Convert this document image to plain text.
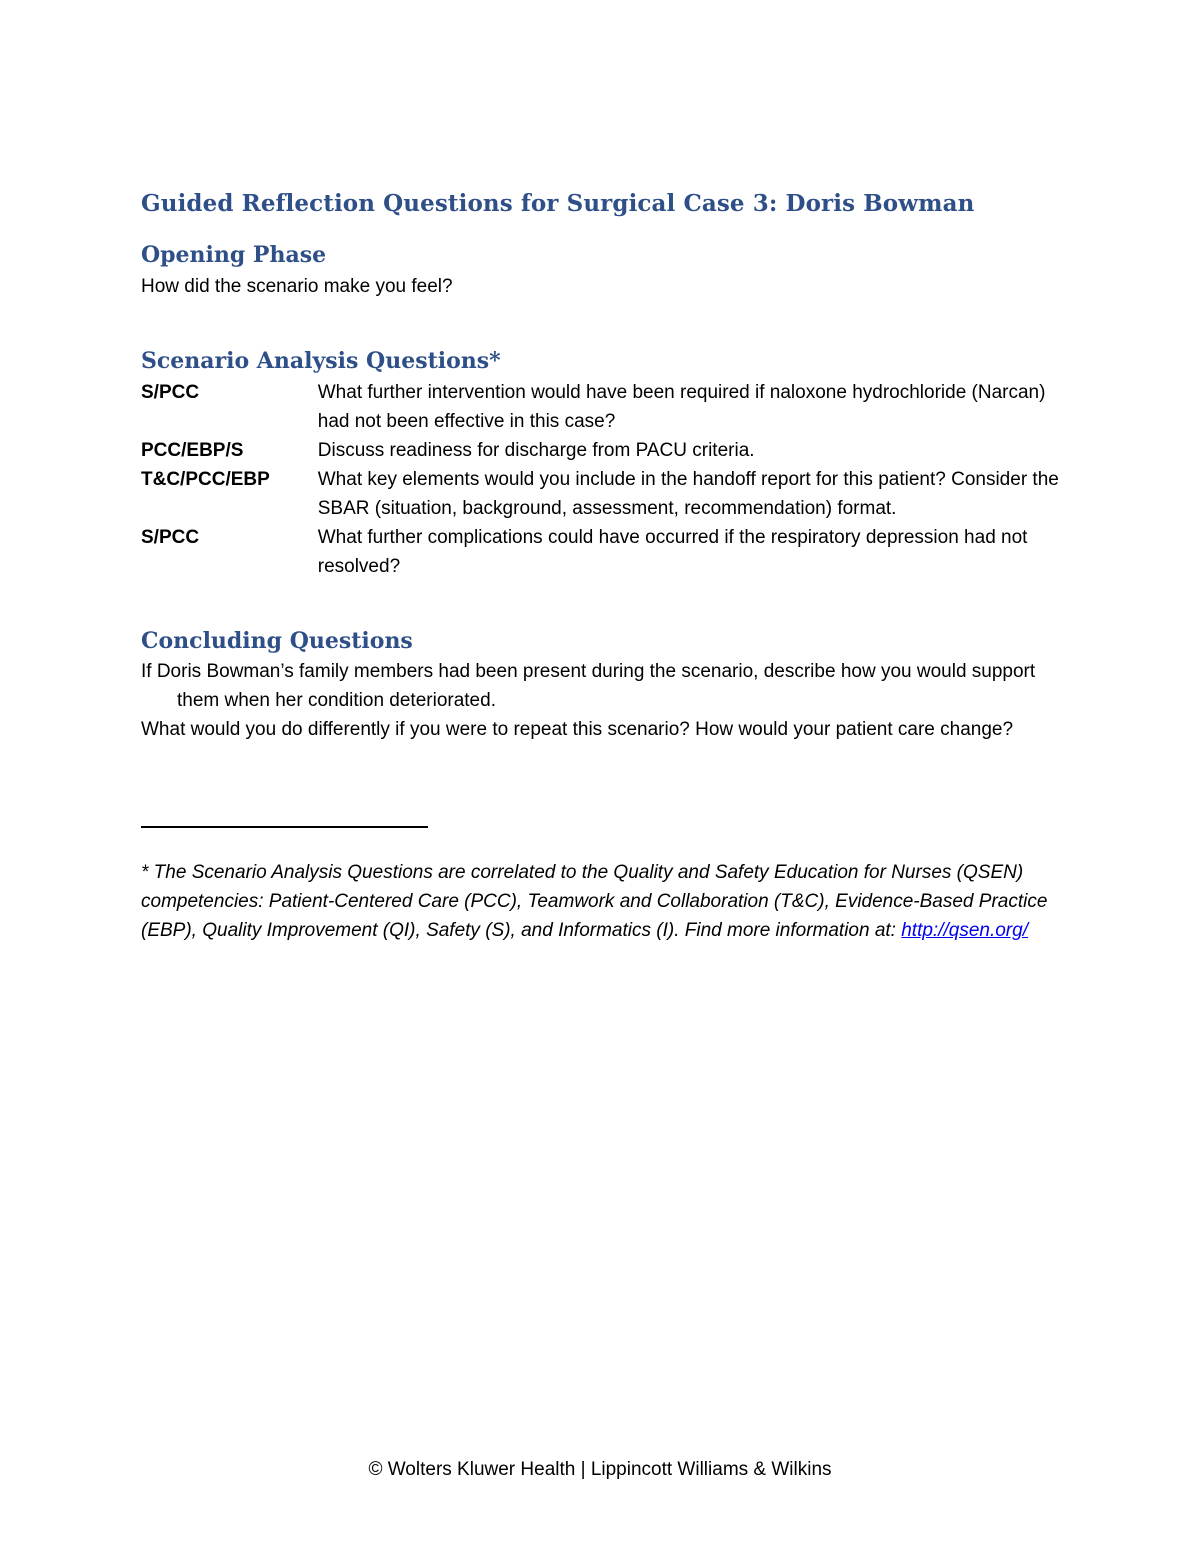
Guided Reflection Questions for Surgical Case 3: Doris Bowman
Opening Phase
How did the scenario make you feel?
Scenario Analysis Questions*
S/PCC	What further intervention would have been required if naloxone hydrochloride (Narcan) had not been effective in this case?
PCC/EBP/S	Discuss readiness for discharge from PACU criteria.
T&C/PCC/EBP	What key elements would you include in the handoff report for this patient? Consider the SBAR (situation, background, assessment, recommendation) format.
S/PCC	What further complications could have occurred if the respiratory depression had not resolved?
Concluding Questions

If Doris Bowman’s family members had been present during the scenario, describe how you would support them when her condition deteriorated.

What would you do differently if you were to repeat this scenario? How would your patient care change?

* The Scenario Analysis Questions are correlated to the Quality and Safety Education for Nurses (QSEN) competencies: Patient-Centered Care (PCC), Teamwork and Collaboration (T&C), Evidence-Based Practice (EBP), Quality Improvement (QI), Safety (S), and Informatics (I). Find more information at: http://qsen.org/
© Wolters Kluwer Health | Lippincott Williams & Wilkins
